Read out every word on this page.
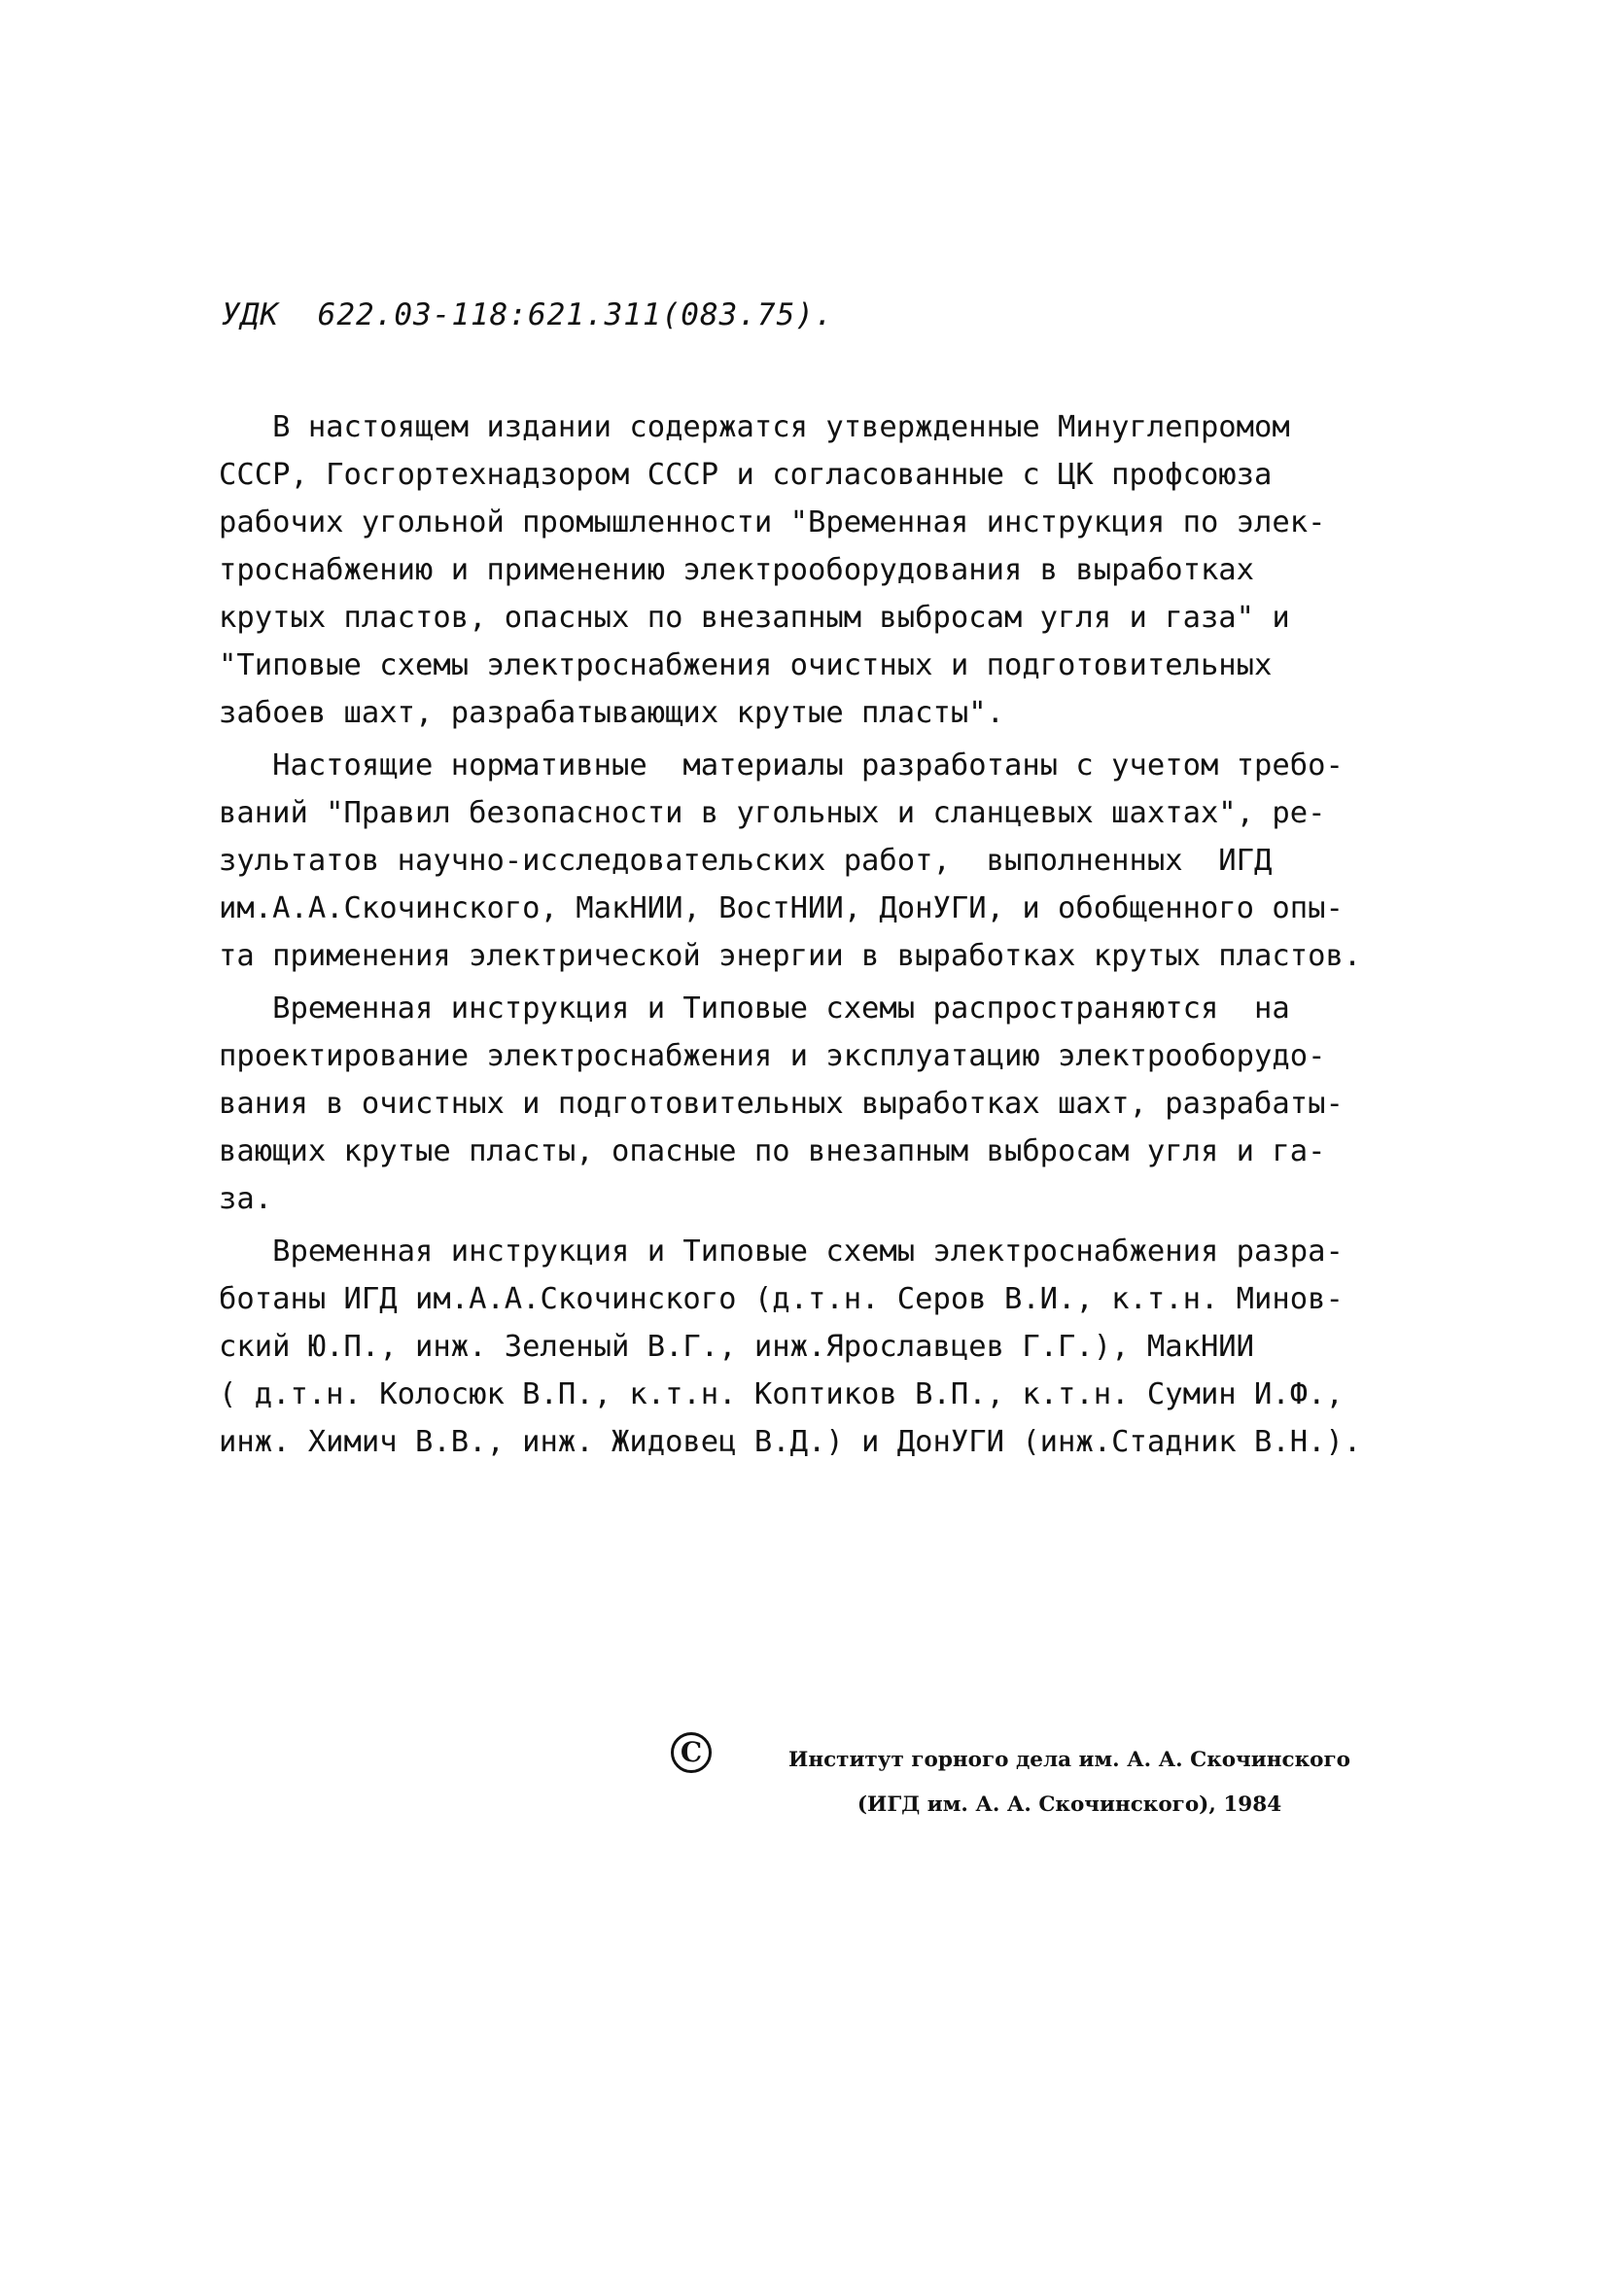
УДК 622.03-118:621.311(083.75).
В настоящем издании содержатся утвержденные Минуглепромом
СССР, Госгортехнадзором СССР и согласованные с ЦК профсоюза
рабочих угольной промышленности "Временная инструкция по элек-
троснабжению и применению электрооборудования в выработках
крутых пластов, опасных по внезапным выбросам угля и газа" и
"Типовые схемы электроснабжения очистных и подготовительных
забоев шахт, разрабатывающих крутые пласты".
Настоящие нормативные  материалы разработаны с учетом требо-
ваний "Правил безопасности в угольных и сланцевых шахтах", ре-
зультатов научно-исследовательских работ,  выполненных  ИГД
им.А.А.Скочинского, МакНИИ, ВостНИИ, ДонУГИ, и обобщенного опы-
та применения электрической энергии в выработках крутых пластов.
Временная инструкция и Типовые схемы распространяются  на
проектирование электроснабжения и эксплуатацию электрооборудо-
вания в очистных и подготовительных выработках шахт, разрабаты-
вающих крутые пласты, опасные по внезапным выбросам угля и га-
за.
Временная инструкция и Типовые схемы электроснабжения разра-
ботаны ИГД им.А.А.Скочинского (д.т.н. Серов В.И., к.т.н. Минов-
ский Ю.П., инж. Зеленый В.Г., инж.Ярославцев Г.Г.), МакНИИ
( д.т.н. Колосюк В.П., к.т.н. Коптиков В.П., к.т.н. Сумин И.Ф.,
инж. Химич В.В., инж. Жидовец В.Д.) и ДонУГИ (инж.Стадник В.Н.).
C	Институт горного дела им. А. А. Скочинского
(ИГД им. А. А. Скочинского), 1984
